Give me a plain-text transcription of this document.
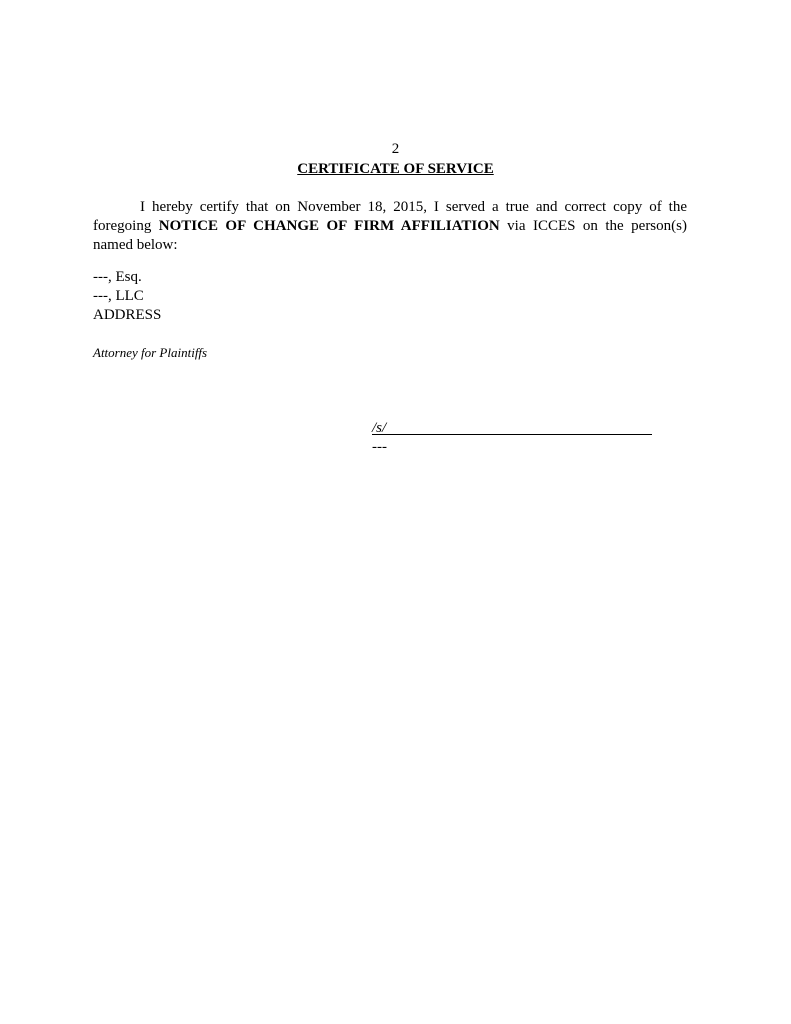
2
CERTIFICATE OF SERVICE
I hereby certify that on November 18, 2015, I served a true and correct copy of the foregoing NOTICE OF CHANGE OF FIRM AFFILIATION via ICCES on the person(s) named below:
---, Esq.
---, LLC
ADDRESS
Attorney for Plaintiffs
/s/
---
